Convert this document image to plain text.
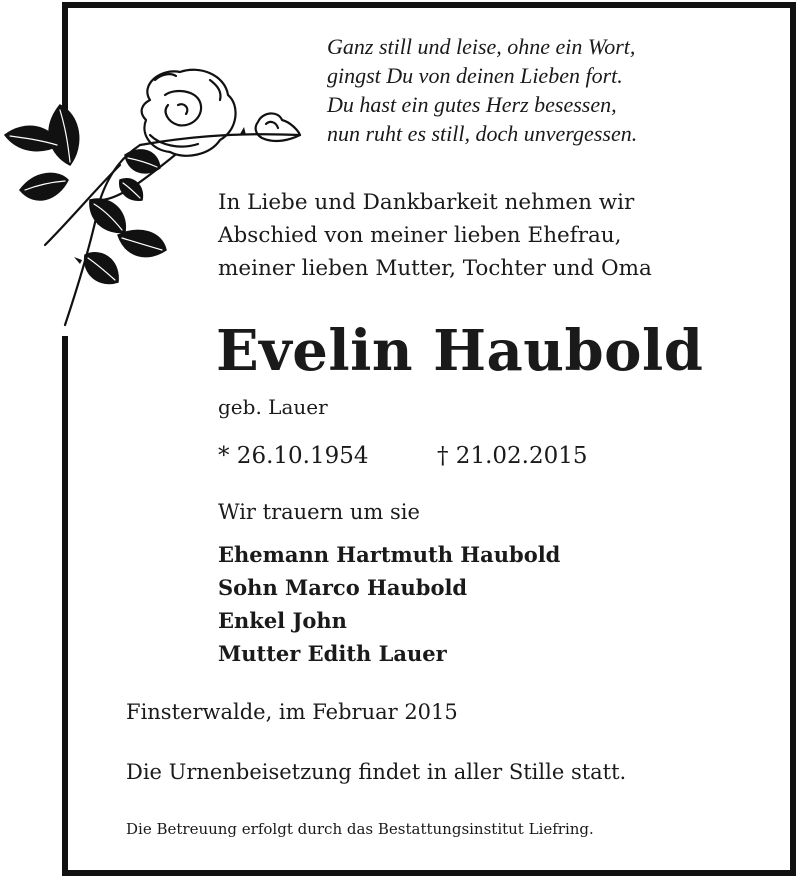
Ganz still und leise, ohne ein Wort,

gingst Du von deinen Lieben fort.

Du hast ein gutes Herz besessen,

nun ruht es still, doch unvergessen.

In Liebe und Dankbarkeit nehmen wir

Abschied von meiner lieben Ehefrau,

meiner lieben Mutter, Tochter und Oma

Evelin Haubold

geb. Lauer

* 26.10.1954	† 21.02.2015

Wir trauern um sie

Ehemann Hartmuth Haubold

Sohn Marco Haubold

Enkel John

Mutter Edith Lauer

Finsterwalde, im Februar 2015

Die Urnenbeisetzung findet in aller Stille statt.

Die Betreuung erfolgt durch das Bestattungsinstitut Liefring.
